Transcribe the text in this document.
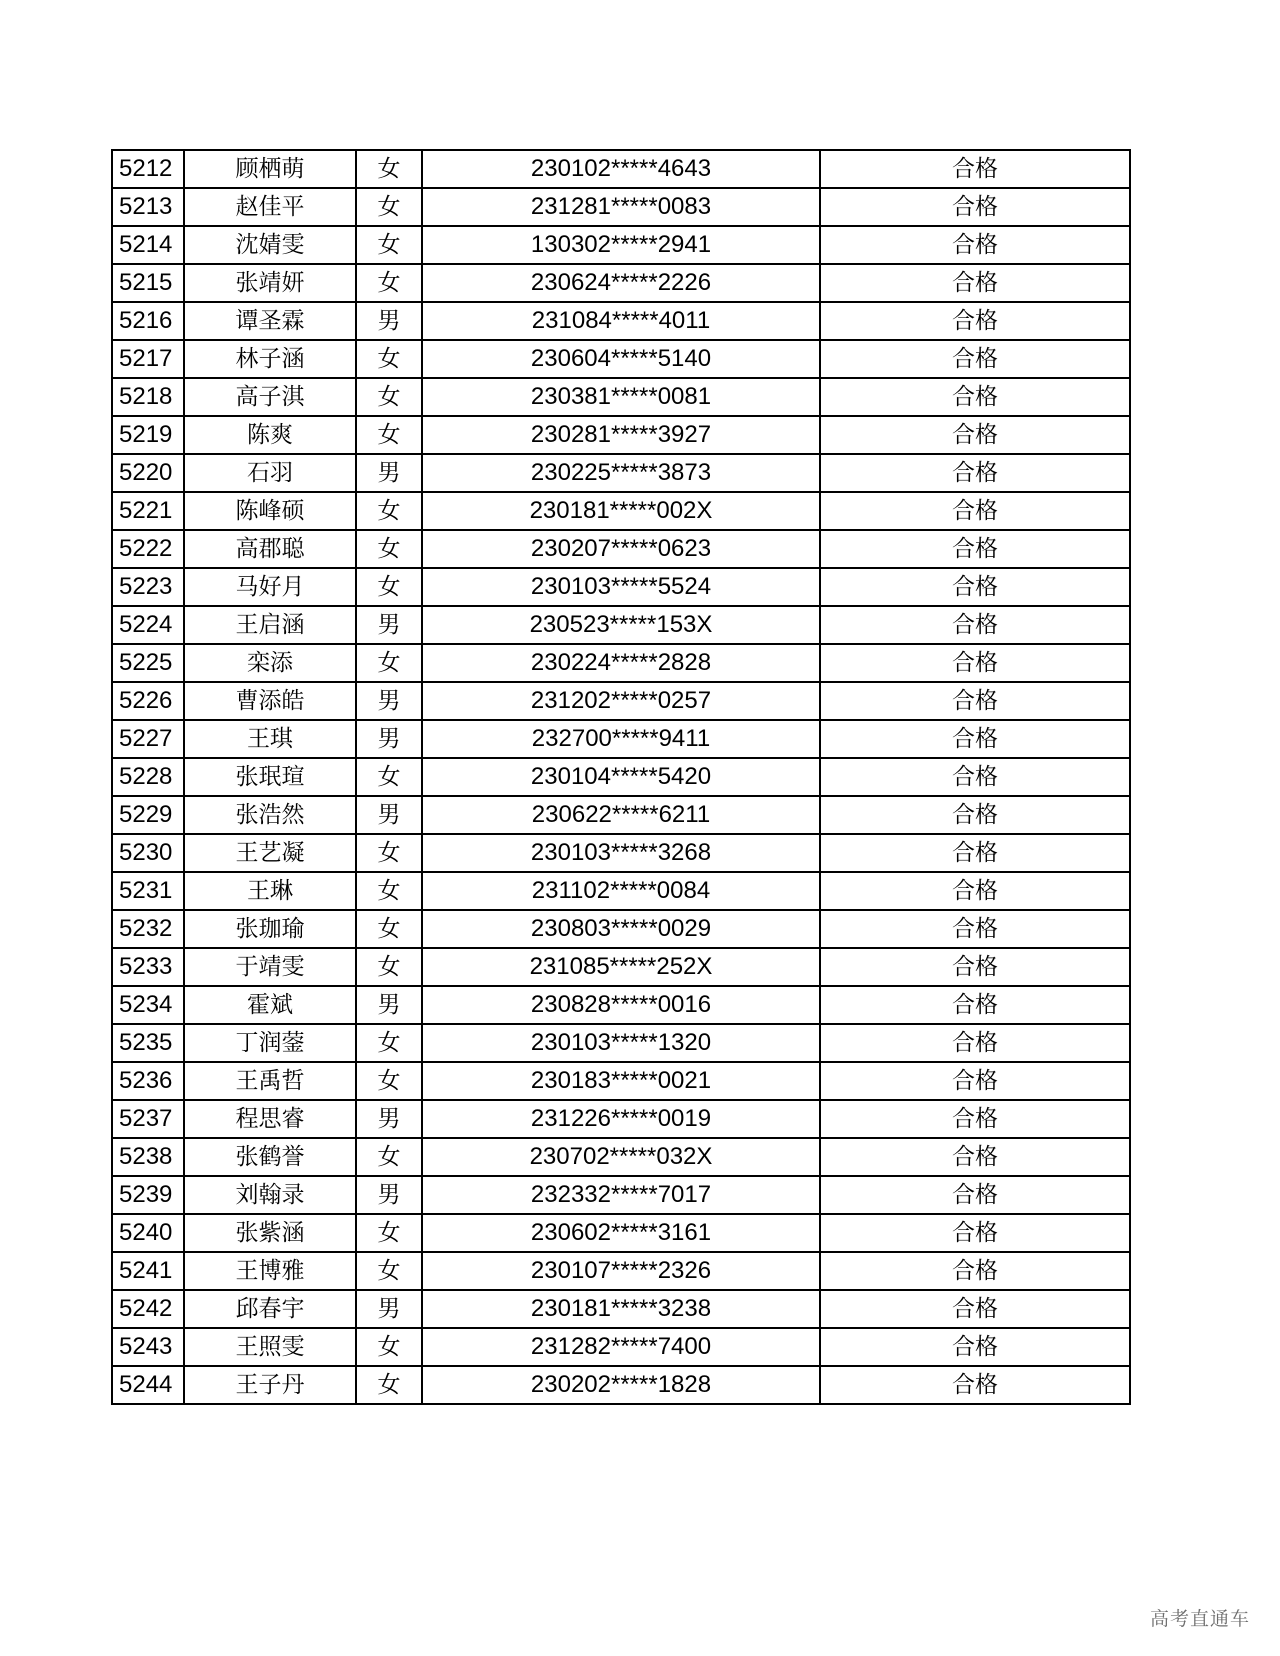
5212	顾栖萌	女	230102*****4643	合格
5213	赵佳平	女	231281*****0083	合格
5214	沈婧雯	女	130302*****2941	合格
5215	张靖妍	女	230624*****2226	合格
5216	谭圣霖	男	231084*****4011	合格
5217	林子涵	女	230604*****5140	合格
5218	高子淇	女	230381*****0081	合格
5219	陈爽	女	230281*****3927	合格
5220	石羽	男	230225*****3873	合格
5221	陈峰硕	女	230181*****002X	合格
5222	高郡聪	女	230207*****0623	合格
5223	马好月	女	230103*****5524	合格
5224	王启涵	男	230523*****153X	合格
5225	栾添	女	230224*****2828	合格
5226	曹添皓	男	231202*****0257	合格
5227	王琪	男	232700*****9411	合格
5228	张珉瑄	女	230104*****5420	合格
5229	张浩然	男	230622*****6211	合格
5230	王艺凝	女	230103*****3268	合格
5231	王琳	女	231102*****0084	合格
5232	张珈瑜	女	230803*****0029	合格
5233	于靖雯	女	231085*****252X	合格
5234	霍斌	男	230828*****0016	合格
5235	丁润蓥	女	230103*****1320	合格
5236	王禹哲	女	230183*****0021	合格
5237	程思睿	男	231226*****0019	合格
5238	张鹤誉	女	230702*****032X	合格
5239	刘翰录	男	232332*****7017	合格
5240	张紫涵	女	230602*****3161	合格
5241	王博雅	女	230107*****2326	合格
5242	邱春宇	男	230181*****3238	合格
5243	王照雯	女	231282*****7400	合格
5244	王子丹	女	230202*****1828	合格
高考直通车
